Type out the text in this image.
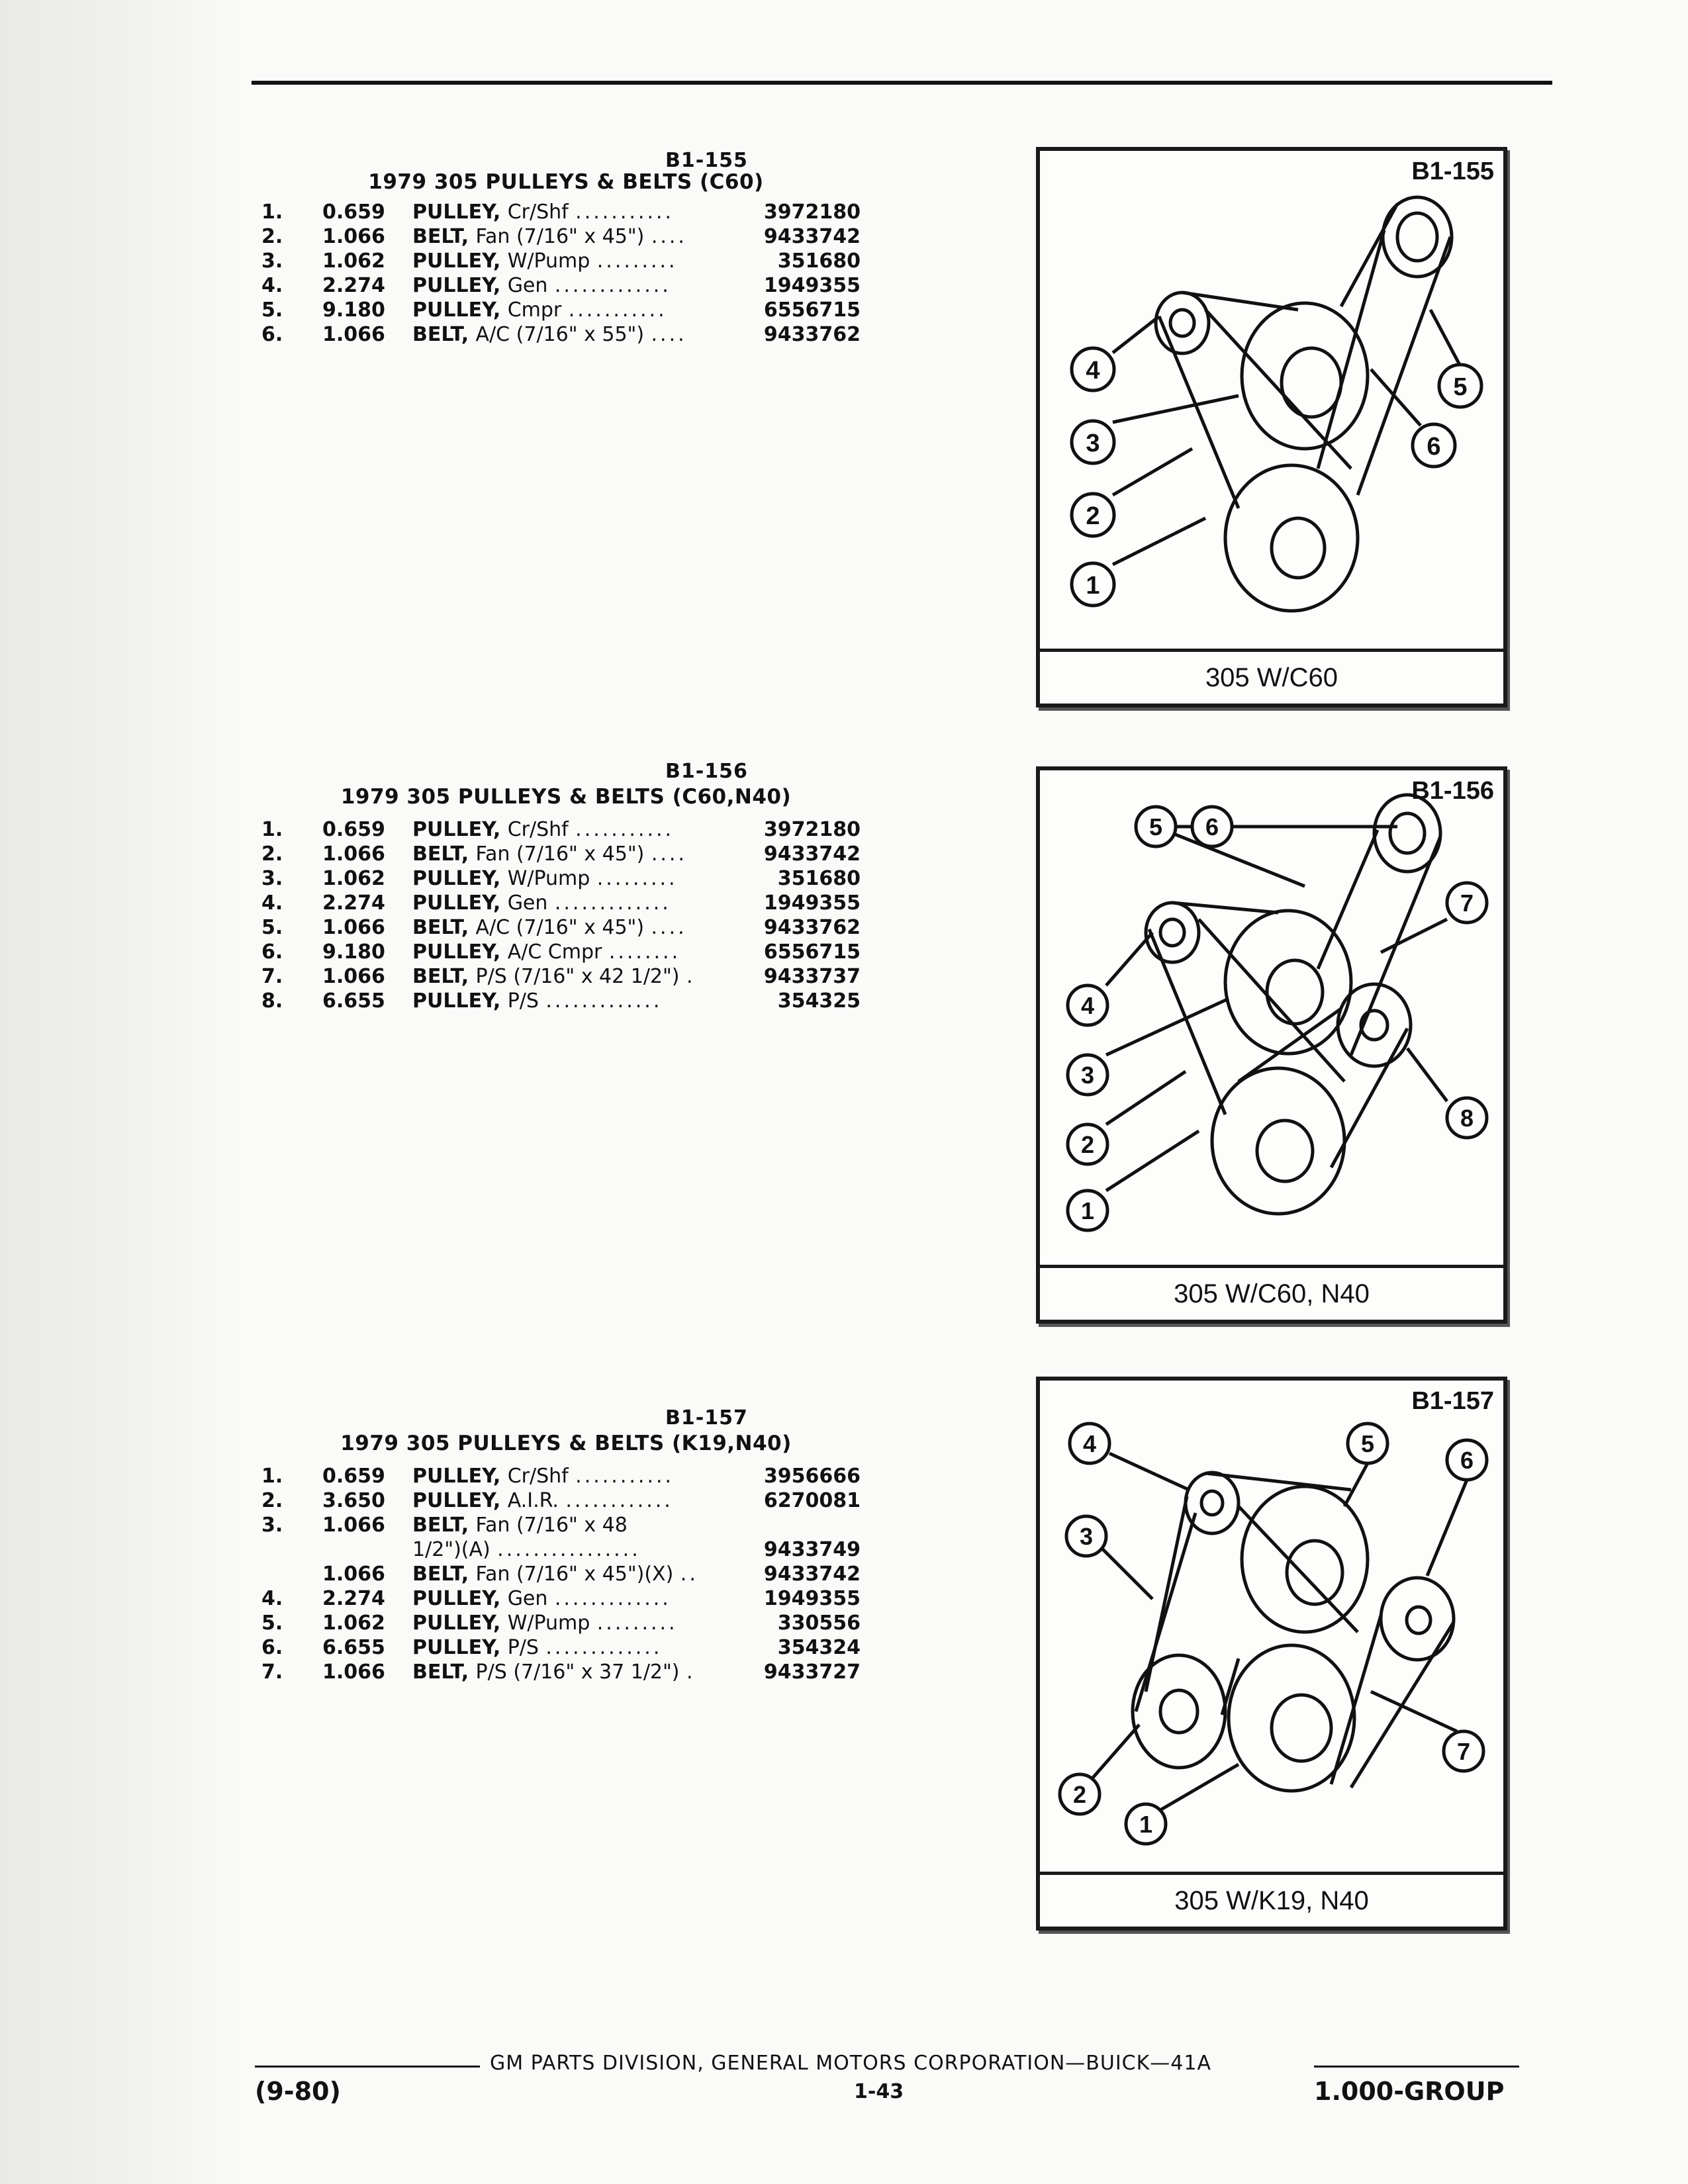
B1-155
1979 305 PULLEYS & BELTS (C60)
1.	0.659	PULLEY, Cr/Shf ...........	3972180
2.	1.066	BELT, Fan (7/16" x 45") ....	9433742
3.	1.062	PULLEY, W/Pump .........	351680
4.	2.274	PULLEY, Gen .............	1949355
5.	9.180	PULLEY, Cmpr ...........	6556715
6.	1.066	BELT, A/C (7/16" x 55") ....	9433762
B1-156
1979 305 PULLEYS & BELTS (C60,N40)
1.	0.659	PULLEY, Cr/Shf ...........	3972180
2.	1.066	BELT, Fan (7/16" x 45") ....	9433742
3.	1.062	PULLEY, W/Pump .........	351680
4.	2.274	PULLEY, Gen .............	1949355
5.	1.066	BELT, A/C (7/16" x 45") ....	9433762
6.	9.180	PULLEY, A/C Cmpr ........	6556715
7.	1.066	BELT, P/S (7/16" x 42 1/2") .	9433737
8.	6.655	PULLEY, P/S .............	354325
B1-157
1979 305 PULLEYS & BELTS (K19,N40)
1.	0.659	PULLEY, Cr/Shf ...........	3956666
2.	3.650	PULLEY, A.I.R. ............	6270081
3.	1.066	BELT, Fan (7/16" x 48
1/2")(A) ................	9433749
1.066	BELT, Fan (7/16" x 45")(X) ..	9433742
4.	2.274	PULLEY, Gen .............	1949355
5.	1.062	PULLEY, W/Pump .........	330556
6.	6.655	PULLEY, P/S .............	354324
7.	1.066	BELT, P/S (7/16" x 37 1/2") .	9433727
4
3
2
1
5
6
B1-155
305 W/C60
5 6
4
3
2
1
7
8
B1-156
305 W/C60, N40
4
3
5
6
7
2
1
B1-157
305 W/K19, N40
GM PARTS DIVISION, GENERAL MOTORS CORPORATION—BUICK—41A
1-43
(9-80)	1.000-GROUP
